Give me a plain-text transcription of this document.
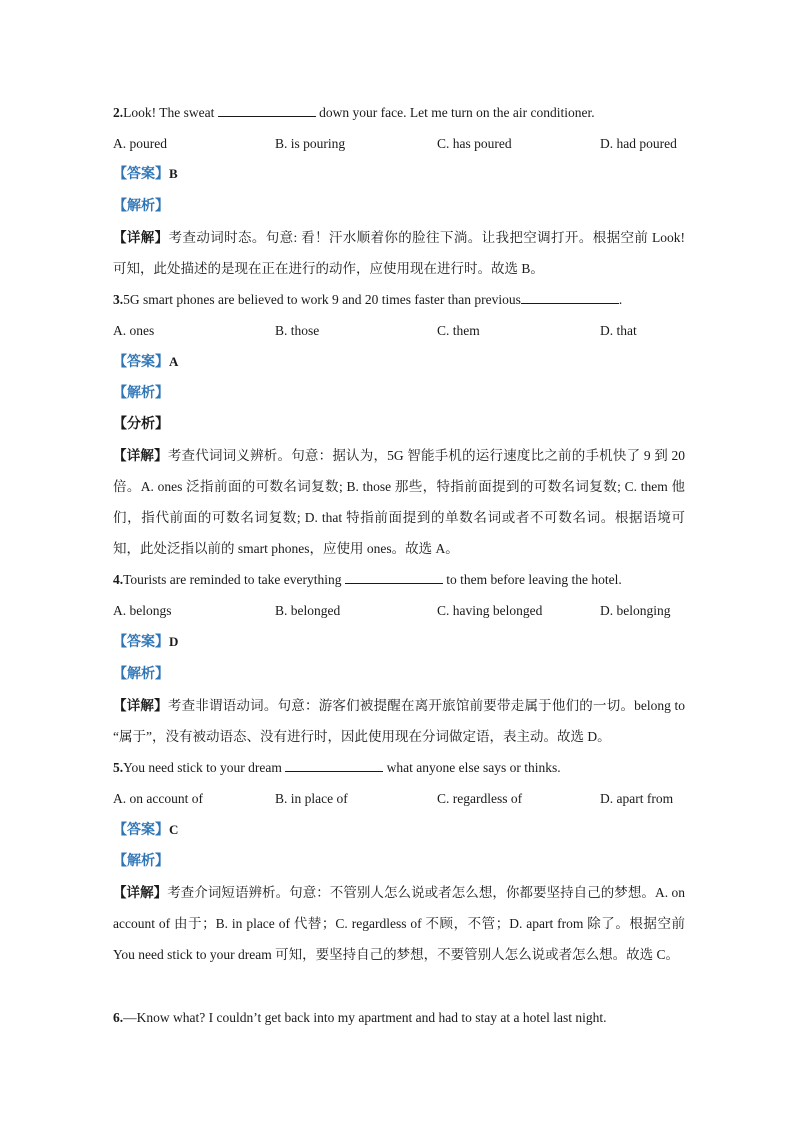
2.Look! The sweat	down your face. Let me turn on the air conditioner.
A. poured	B. is pouring	C. has poured	D. had poured
【答案】B
【解析】
【详解】考查动词时态。句意: 看！汗水顺着你的脸往下淌。让我把空调打开。根据空前 Look! 可知，此处描述的是现在正在进行的动作，应使用现在进行时。故选 B。
3.5G smart phones are believed to work 9 and 20 times faster than previous	.
A. ones	B. those	C. them	D. that
【答案】A
【解析】
【分析】
【详解】考查代词词义辨析。句意：据认为，5G 智能手机的运行速度比之前的手机快了 9 到 20 倍。A. ones 泛指前面的可数名词复数; B. those 那些，特指前面提到的可数名词复数; C. them 他们，指代前面的可数名词复数; D. that 特指前面提到的单数名词或者不可数名词。根据语境可知，此处泛指以前的 smart phones，应使用 ones。故选 A。
4.Tourists are reminded to take everything	to them before leaving the hotel.
A. belongs	B. belonged	C. having belonged	D. belonging
【答案】D
【解析】
【详解】考查非谓语动词。句意：游客们被提醒在离开旅馆前要带走属于他们的一切。belong to “属于”，没有被动语态、没有进行时，因此使用现在分词做定语，表主动。故选 D。
5.You need stick to your dream	what anyone else says or thinks.
A. on account of	B. in place of	C. regardless of	D. apart from
【答案】C
【解析】
【详解】考查介词短语辨析。句意：不管别人怎么说或者怎么想，你都要坚持自己的梦想。A. on account of 由于；B. in place of 代替；C. regardless of 不顾，不管；D. apart from 除了。根据空前 You need stick to your dream 可知，要坚持自己的梦想，不要管别人怎么说或者怎么想。故选 C。
6.—Know what? I couldn’t get back into my apartment and had to stay at a hotel last night.
